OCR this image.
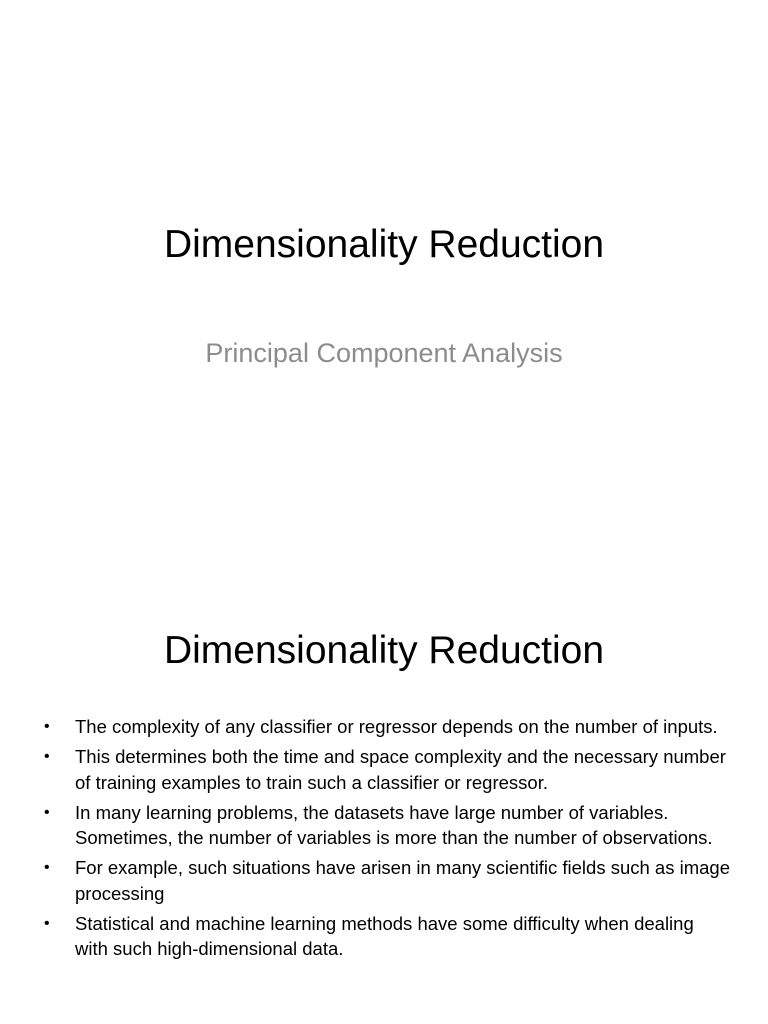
Dimensionality Reduction
Principal Component Analysis
Dimensionality Reduction
• The complexity of any classifier or regressor depends on the number of inputs.
• This determines both the time and space complexity and the necessary number of training examples to train such a classifier or regressor.
• In many learning problems, the datasets have large number of variables. Sometimes, the number of variables is more than the number of observations.
• For example, such situations have arisen in many scientific fields such as image processing
• Statistical and machine learning methods have some difficulty when dealing with such high-dimensional data.
